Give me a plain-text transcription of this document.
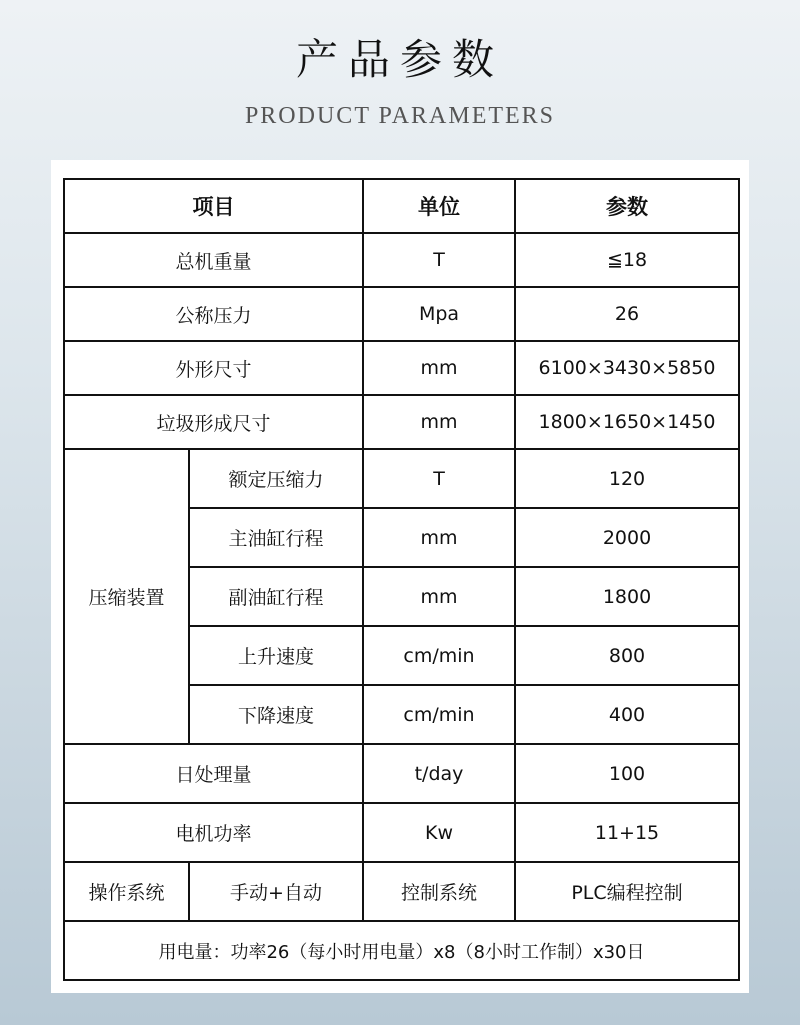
产品参数
PRODUCT PARAMETERS
项目		单位	参数
总机重量		T	≦18
公称压力		Mpa	26
外形尺寸		mm	6100×3430×5850
垃圾形成尺寸		mm	1800×1650×1450
压缩装置	额定压缩力	T	120
	主油缸行程	mm	2000
	副油缸行程	mm	1800
	上升速度	cm/min	800
	下降速度	cm/min	400
日处理量		t/day	100
电机功率		Kw	11+15
操作系统	手动+自动	控制系统	PLC编程控制
用电量：功率26（每小时用电量）x8（8小时工作制）x30日			
